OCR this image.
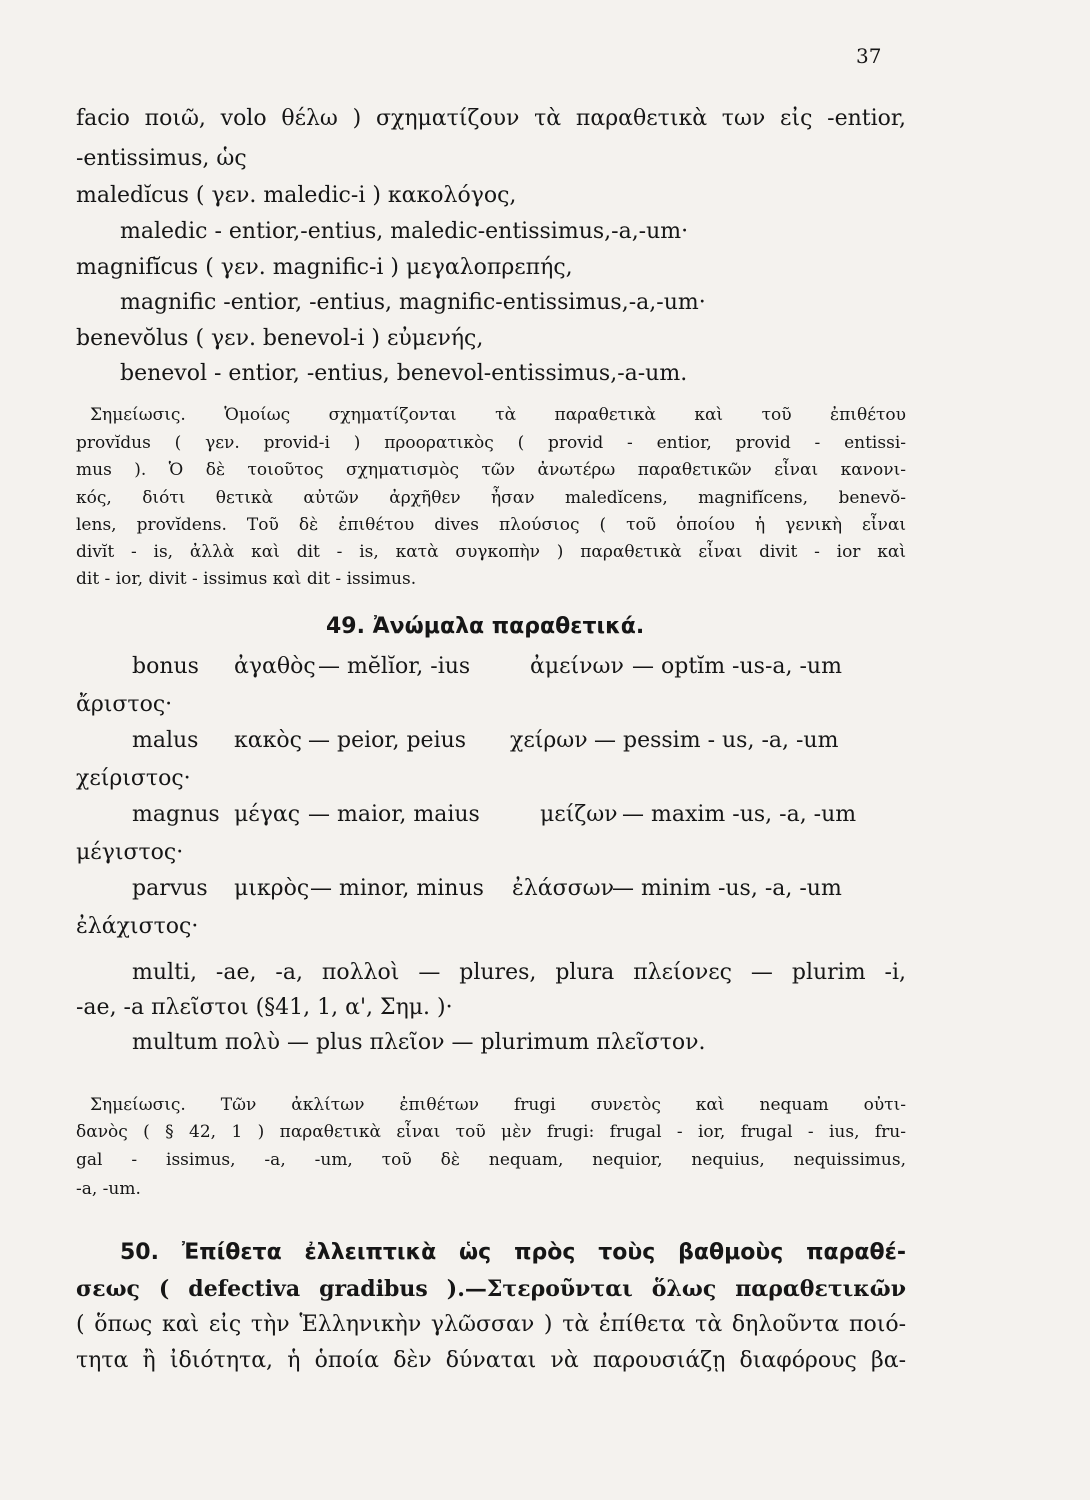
37
facio ποιῶ, volo θέλω ) σχηματίζουν τὰ παραθετικὰ των εἰς -entior,
-entissimus, ὡς
maledĭcus ( γεν. maledic-i ) κακολόγος,
maledic - entior,-entius, maledic-entissimus,-a,-um·
magnifĭcus ( γεν. magnific-i ) μεγαλοπρεπής,
magnific -entior, -entius, magnific-entissimus,-a,-um·
benevŏlus ( γεν. benevol-i ) εὐμενής,
benevol - entior, -entius, benevol-entissimus,-a-um.
Σημείωσις. Ὁμοίως σχηματίζονται τὰ παραθετικὰ καὶ τοῦ ἐπιθέτου
provĭdus ( γεν. provid-i ) προορατικὸς ( provid - entior, provid - entissi-
mus ). Ὁ δὲ τοιοῦτος σχηματισμὸς τῶν ἀνωτέρω παραθετικῶν εἶναι κανονι-
κός, διότι θετικὰ αὐτῶν ἀρχῆθεν ἦσαν maledĭcens, magnifĭcens, benevŏ-
lens, provĭdens. Τοῦ δὲ ἐπιθέτου dives πλούσιος ( τοῦ ὁποίου ἡ γενικὴ εἶναι
divĭt - is, ἀλλὰ καὶ dit - is, κατὰ συγκοπὴν ) παραθετικὰ εἶναι divit - ior καὶ
dit - ior, divit - issimus καὶ dit - issimus.
49. Ἀνώμαλα παραθετικά.
bonus ἀγαθὸς — mĕlĭor, -ius	ἀμείνων — optĭm -us-a, -um
ἄριστος·
malus κακὸς — peior, peius χείρων — pessim - us, -a, -um
χείριστος·
magnus μέγας — maior, maius	μείζων — maxim -us, -a, -um
μέγιστος·
parvus μικρὸς — minor, minus ἐλάσσων
— minim -us, -a, -um
ἐλάχιστος·
multi, -ae, -a, πολλοὶ — plures, plura πλείονες — plurim -i,
-ae, -a πλεῖστοι (§41, 1, α', Σημ. )·
multum πολὺ — plus πλεῖον — plurimum πλεῖστον.
Σημείωσις. Τῶν ἀκλίτων ἐπιθέτων frugi συνετὸς καὶ nequam οὐτι-
δανὸς ( § 42, 1 ) παραθετικὰ εἶναι τοῦ μὲν frugi: frugal - ior, frugal - ius, fru-
gal - issimus, -a, -um, τοῦ δὲ nequam, nequior, nequius, nequissimus,
-a, -um.
50. Ἐπίθετα ἐλλειπτικὰ ὡς πρὸς τοὺς βαθμοὺς παραθέ-
σεως ( defectiva gradibus ).—Στεροῦνται ὅλως παραθετικῶν
( ὅπως καὶ εἰς τὴν Ἑλληνικὴν γλῶσσαν ) τὰ ἐπίθετα τὰ δηλοῦντα ποιό-
τητα ἢ ἰδιότητα, ἡ ὁποία δὲν δύναται νὰ παρουσιάζῃ διαφόρους βα-
